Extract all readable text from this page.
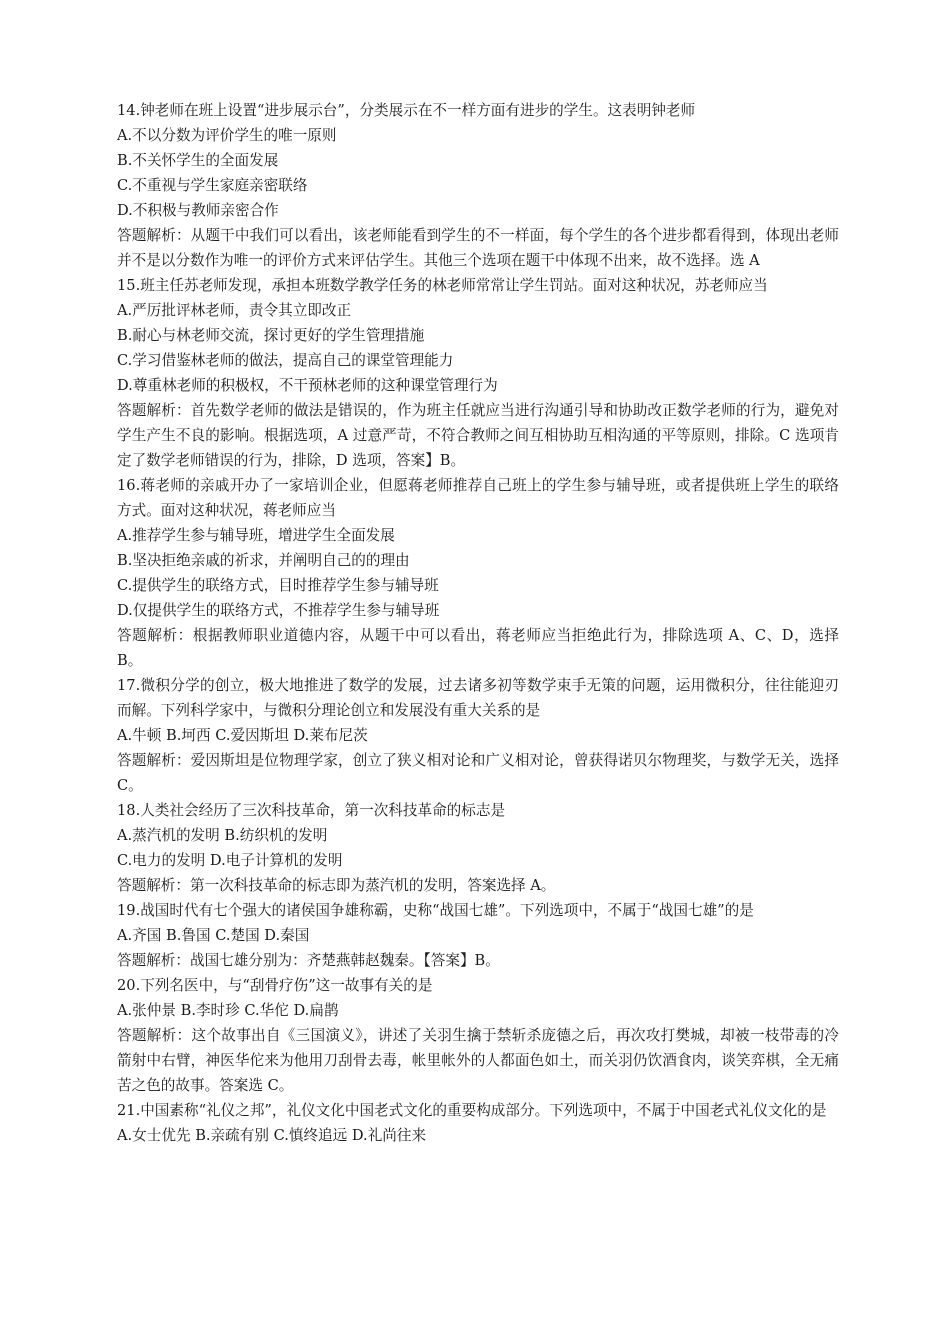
14.钟老师在班上设置“进步展示台”，分类展示在不一样方面有进步的学生。这表明钟老师
A.不以分数为评价学生的唯一原则
B.不关怀学生的全面发展
C.不重视与学生家庭亲密联络
D.不积极与教师亲密合作
答题解析：从题干中我们可以看出，该老师能看到学生的不一样面，每个学生的各个进步都看得到，体现出老师并不是以分数作为唯一的评价方式来评估学生。其他三个选项在题干中体现不出来，故不选择。选 A
15.班主任苏老师发现，承担本班数学教学任务的林老师常常让学生罚站。面对这种状况，苏老师应当
A.严厉批评林老师，责令其立即改正
B.耐心与林老师交流，探讨更好的学生管理措施
C.学习借鉴林老师的做法，提高自己的课堂管理能力
D.尊重林老师的积极权，不干预林老师的这种课堂管理行为
答题解析：首先数学老师的做法是错误的，作为班主任就应当进行沟通引导和协助改正数学老师的行为，避免对学生产生不良的影响。根据选项，A 过意严苛，不符合教师之间互相协助互相沟通的平等原则，排除。C 选项肯定了数学老师错误的行为，排除，D 选项，答案】B。
16.蒋老师的亲戚开办了一家培训企业，但愿蒋老师推荐自己班上的学生参与辅导班，或者提供班上学生的联络方式。面对这种状况，蒋老师应当
A.推荐学生参与辅导班，增进学生全面发展
B.坚决拒绝亲戚的祈求，并阐明自己的的理由
C.提供学生的联络方式，目时推荐学生参与辅导班
D.仅提供学生的联络方式，不推荐学生参与辅导班
答题解析：根据教师职业道德内容，从题干中可以看出，蒋老师应当拒绝此行为，排除选项 A、C、D，选择 B。
17.微积分学的创立，极大地推进了数学的发展，过去诸多初等数学束手无策的问题，运用微积分，往往能迎刃而解。下列科学家中，与微积分理论创立和发展没有重大关系的是
A.牛顿 B.坷西 C.爱因斯坦 D.莱布尼茨
答题解析：爱因斯坦是位物理学家，创立了狭义相对论和广义相对论，曾获得诺贝尔物理奖，与数学无关，选择 C。
18.人类社会经历了三次科技革命，第一次科技革命的标志是
A.蒸汽机的发明 B.纺织机的发明
C.电力的发明 D.电子计算机的发明
答题解析：第一次科技革命的标志即为蒸汽机的发明，答案选择 A。
19.战国时代有七个强大的诸侯国争雄称霸，史称“战国七雄”。下列选项中，不属于“战国七雄”的是
A.齐国 B.鲁国 C.楚国 D.秦国
答题解析：战国七雄分别为：齐楚燕韩赵魏秦。【答案】B。
20.下列名医中，与“刮骨疗伤”这一故事有关的是
A.张仲景 B.李时珍 C.华佗 D.扁鹊
答题解析：这个故事出自《三国演义》，讲述了关羽生擒于禁斩杀庞德之后，再次攻打樊城，却被一枝带毒的冷箭射中右臂，神医华佗来为他用刀刮骨去毒，帐里帐外的人都面色如土，而关羽仍饮酒食肉，谈笑弈棋，全无痛苦之色的故事。答案选 C。
21.中国素称“礼仪之邦”，礼仪文化中国老式文化的重要构成部分。下列选项中，不属于中国老式礼仪文化的是
A.女士优先 B.亲疏有别 C.慎终追远 D.礼尚往来
